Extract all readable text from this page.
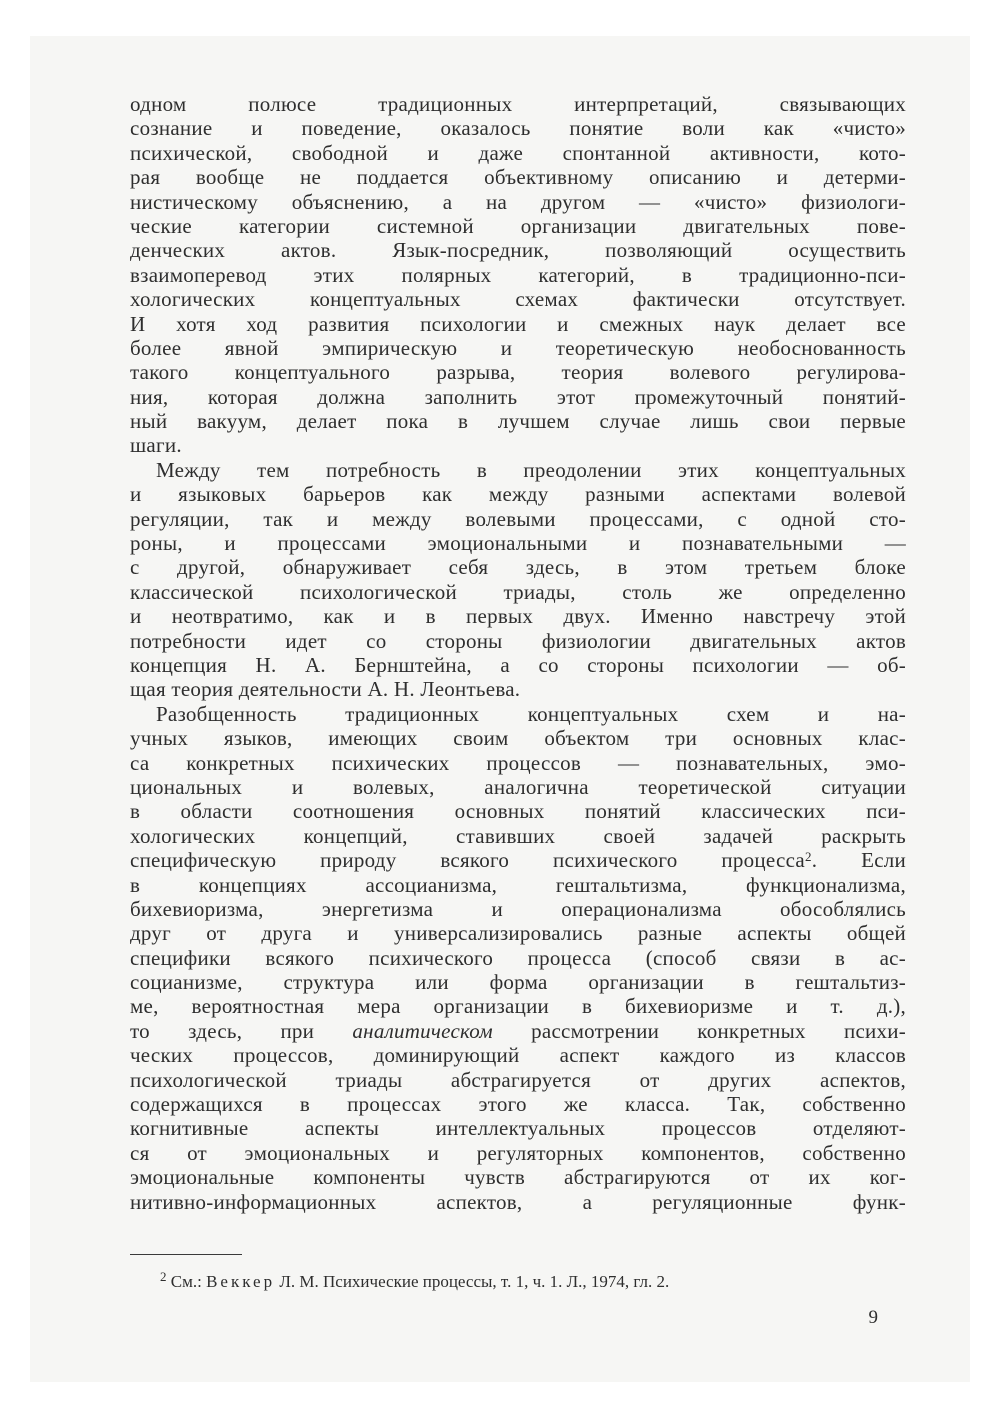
одном полюсе традиционных интерпретаций, связывающих
сознание и поведение, оказалось понятие воли как «чисто»
психической, свободной и даже спонтанной активности, кото-
рая вообще не поддается объективному описанию и детерми-
нистическому объяснению, а на другом — «чисто» физиологи-
ческие категории системной организации двигательных пове-
денческих актов. Язык-посредник, позволяющий осуществить
взаимоперевод этих полярных категорий, в традиционно-пси-
хологических концептуальных схемах фактически отсутствует.
И хотя ход развития психологии и смежных наук делает все
более явной эмпирическую и теоретическую необоснованность
такого концептуального разрыва, теория волевого регулирова-
ния, которая должна заполнить этот промежуточный понятий-
ный вакуум, делает пока в лучшем случае лишь свои первые
шаги.
Между тем потребность в преодолении этих концептуальных
и языковых барьеров как между разными аспектами волевой
регуляции, так и между волевыми процессами, с одной сто-
роны, и процессами эмоциональными и познавательными —
с другой, обнаруживает себя здесь, в этом третьем блоке
классической психологической триады, столь же определенно
и неотвратимо, как и в первых двух. Именно навстречу этой
потребности идет со стороны физиологии двигательных актов
концепция Н. А. Бернштейна, а со стороны психологии — об-
щая теория деятельности А. Н. Леонтьева.
Разобщенность традиционных концептуальных схем и на-
учных языков, имеющих своим объектом три основных клас-
са конкретных психических процессов — познавательных, эмо-
циональных и волевых, аналогична теоретической ситуации
в области соотношения основных понятий классических пси-
хологических концепций, ставивших своей задачей раскрыть
специфическую природу всякого психического процесса$^2$. Если
в концепциях ассоцианизма, гештальтизма, функционализма,
бихевиоризма, энергетизма и операционализма обособлялись
друг от друга и универсализировались разные аспекты общей
специфики всякого психического процесса (способ связи в ас-
социанизме, структура или форма организации в гештальтиз-
ме, вероятностная мера организации в бихевиоризме и т. д.),
то здесь, при аналитическом рассмотрении конкретных психи-
ческих процессов, доминирующий аспект каждого из классов
психологической триады абстрагируется от других аспектов,
содержащихся в процессах этого же класса. Так, собственно
когнитивные аспекты интеллектуальных процессов отделяют-
ся от эмоциональных и регуляторных компонентов, собственно
эмоциональные компоненты чувств абстрагируются от их ког-
нитивно-информационных аспектов, а регуляционные функ-
$^2$ См.: Веккер Л. М. Психические процессы, т. 1, ч. 1. Л., 1974, гл. 2.
9
